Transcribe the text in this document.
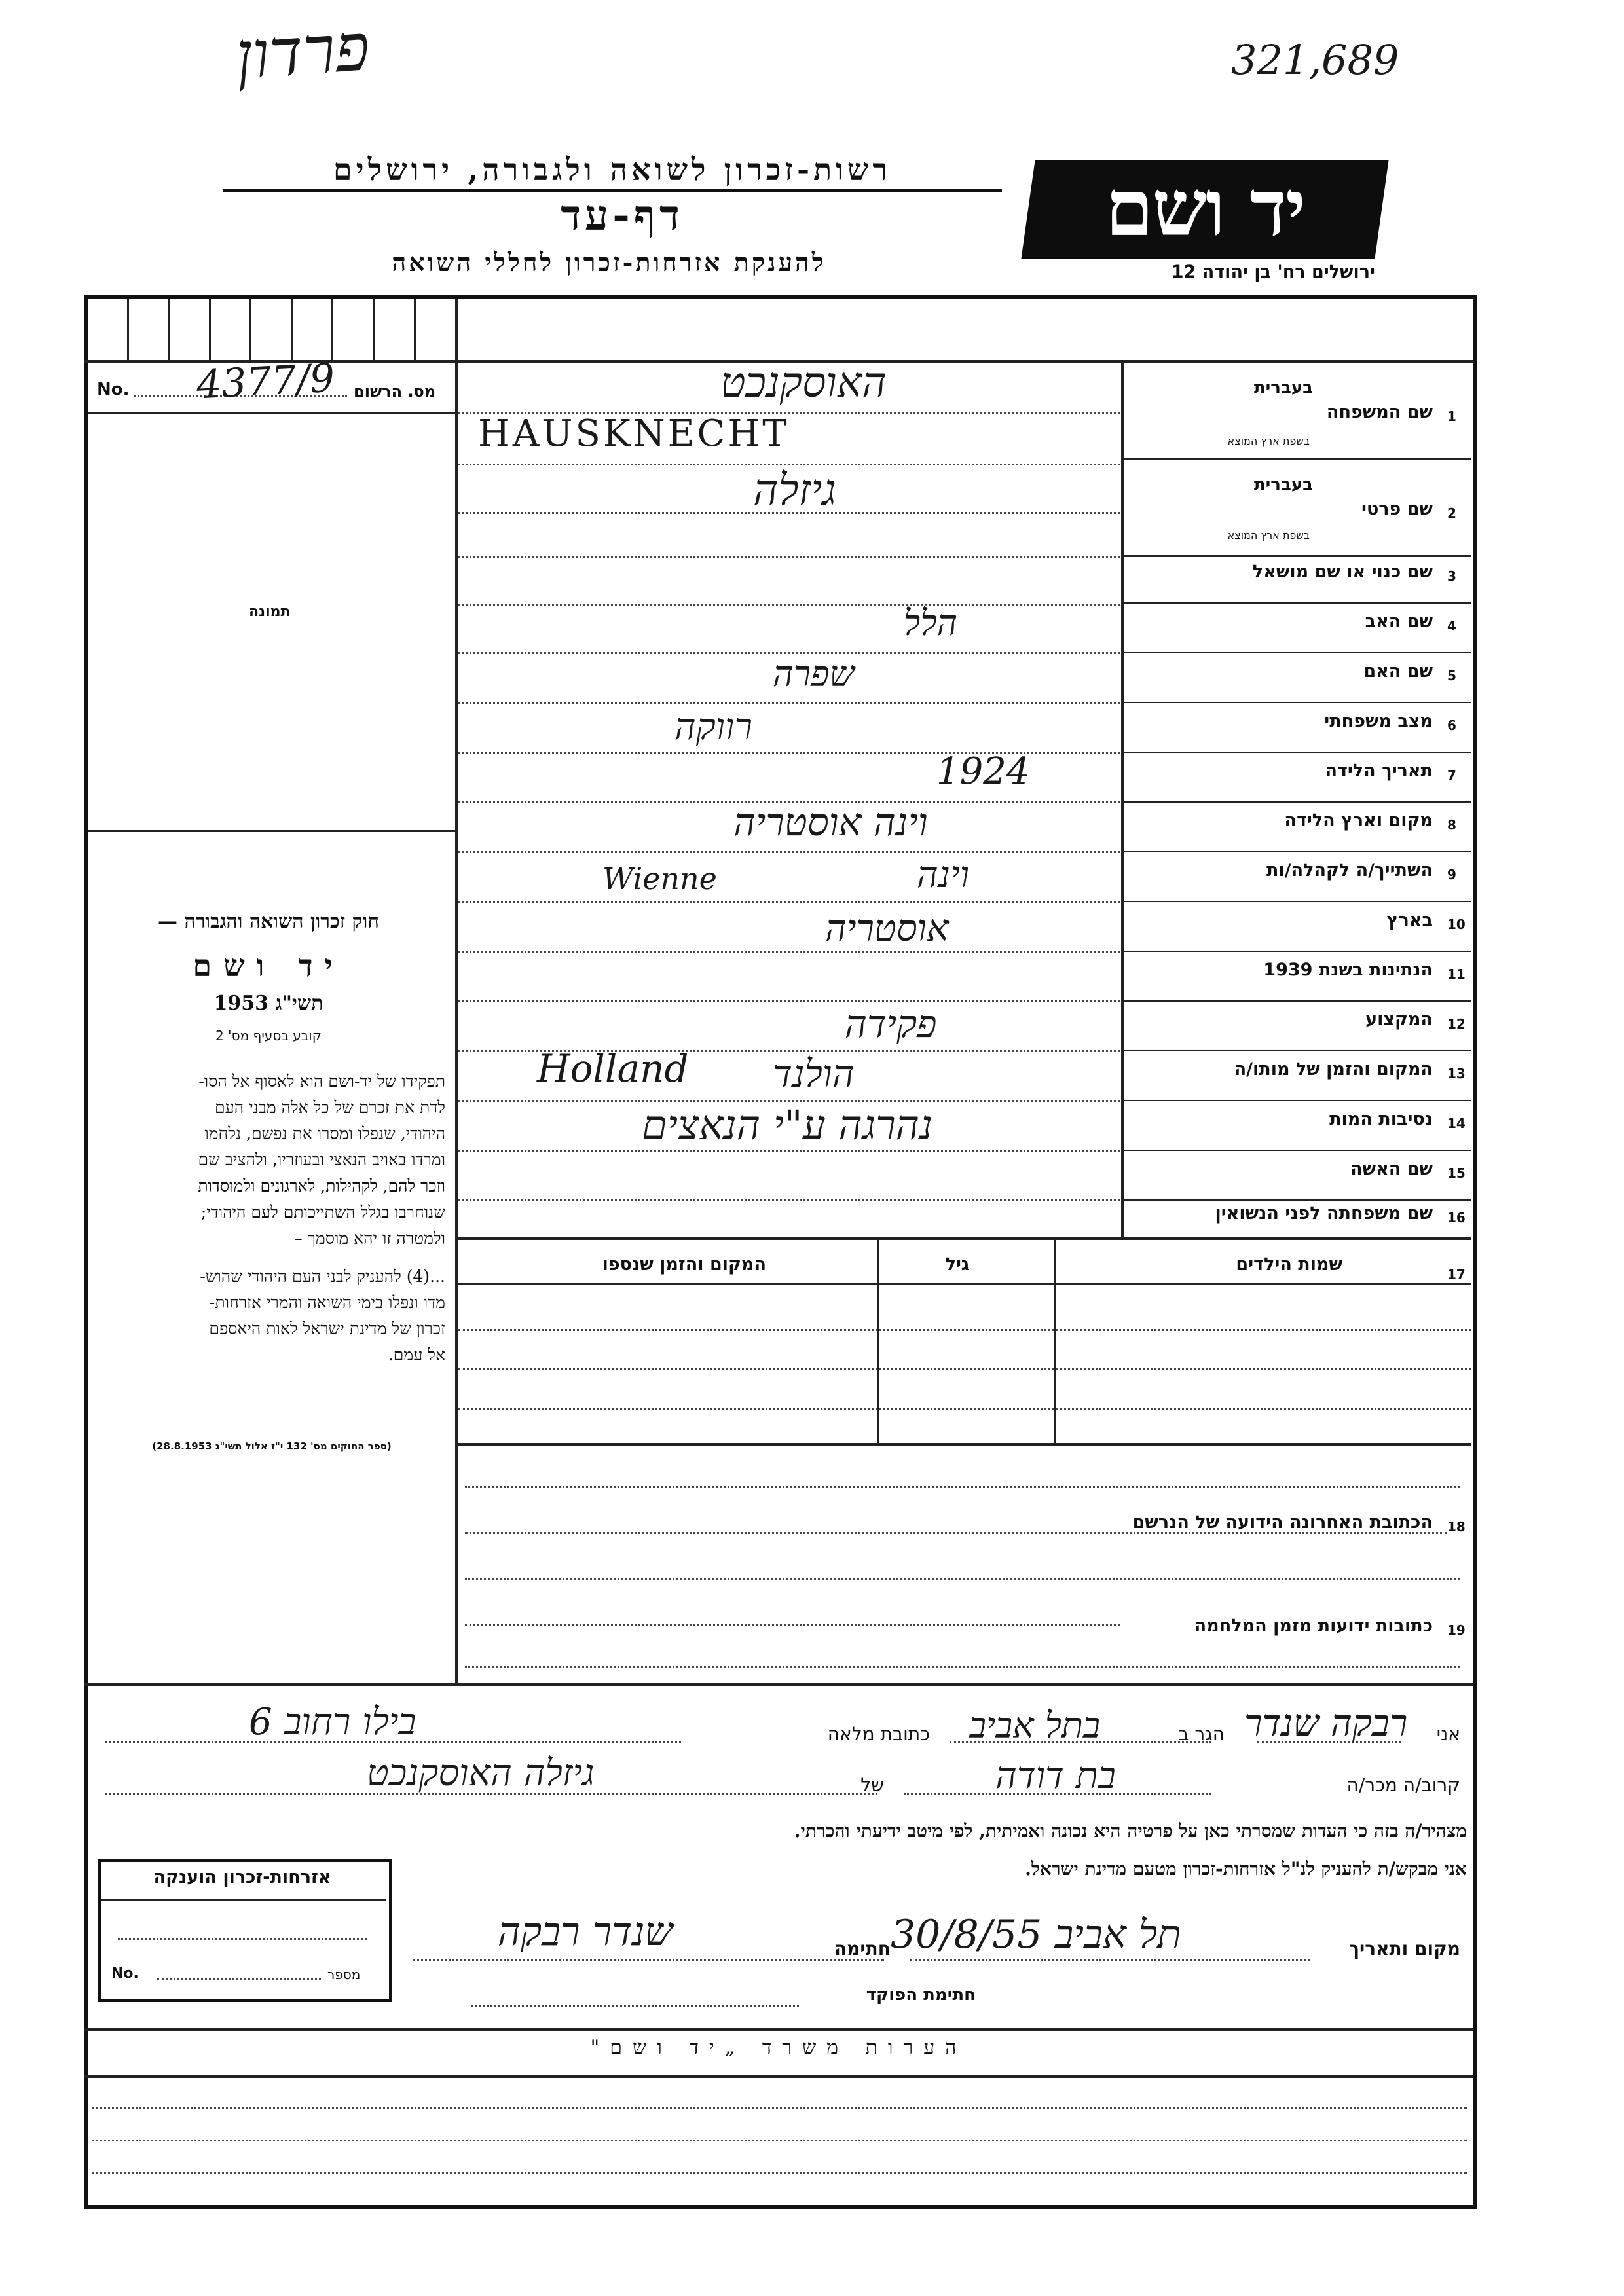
פרדון	321,689
רשות-זכרון לשואה ולגבורה, ירושלים
דף-עד
להענקת אזרחות-זכרון לחללי השואה
יד ושם
ירושלים רח' בן יהודה 12
No. 4377/9 מס. הרשום
תמונה
חוק זכרון השואה והגבורה —
יד ושם
תשי"ג 1953
קובע בסעיף מס' 2
תפקידו של יד-ושם הוא לאסוף אל הסו-
לדת את זכרם של כל אלה מבני העם
היהודי, שנפלו ומסרו את נפשם, נלחמו
ומרדו באויב הנאצי ובעוזריו, ולהציב שם
וזכר להם, לקהילות, לארגונים ולמוסדות
שנוחרבו בגלל השתייכותם לעם היהודי;
ולמטרה זו יהא מוסמך –
...(4) להעניק לבני העם היהודי שהוש-
מדו ונפלו בימי השואה והמרי אזרחות-
זכרון של מדינת ישראל לאות היאספם
אל עמם.
(ספר החוקים מס' 132 י"ז אלול תשי"ג 28.8.1953)
1
שם המשפחה
בעברית
בשפת ארץ המוצא
האוסקנכט
HAUSKNECHT
2
שם פרטי
בעברית
בשפת ארץ המוצא
גיזלה
3
שם כנוי או שם מושאל
4
שם האב
הלל
5
שם האם
שפרה
6
מצב משפחתי
רווקה
7
תאריך הלידה
1924
8
מקום וארץ הלידה
וינה אוסטריה
9
השתייך/ה לקהלה/ות
וינה
Wienne
10
בארץ
אוסטריה
11
הנתינות בשנת 1939
12
המקצוע
פקידה
13
המקום והזמן של מותו/ה
הולנד
Holland
14
נסיבות המות
נהרגה ע"י הנאצים
15
שם האשה
16
שם משפחתה לפני הנשואין
17
שמות הילדים
גיל
המקום והזמן שנספו
18
הכתובת האחרונה הידועה של הנרשם
19
כתובות ידועות מזמן המלחמה
אני
רבקה שנדר
הגר ב
בתל אביב
כתובת מלאה
בילו רחוב 6
קרוב/ה מכר/ה
בת דודה
של
גיזלה האוסקנכט
מצהיר/ה בזה כי העדות שמסרתי כאן על פרטיה היא נכונה ואמיתית, לפי מיטב ידיעתי והכרתי.
אני מבקש/ת להעניק לנ"ל אזרחות-זכרון מטעם מדינת ישראל.
מקום ותאריך
תל אביב 30/8/55
חתימה
שנדר רבקה
חתימת הפוקד
אזרחות-זכרון הוענקה
No.	מספר
הערות משרד „יד ושם"
